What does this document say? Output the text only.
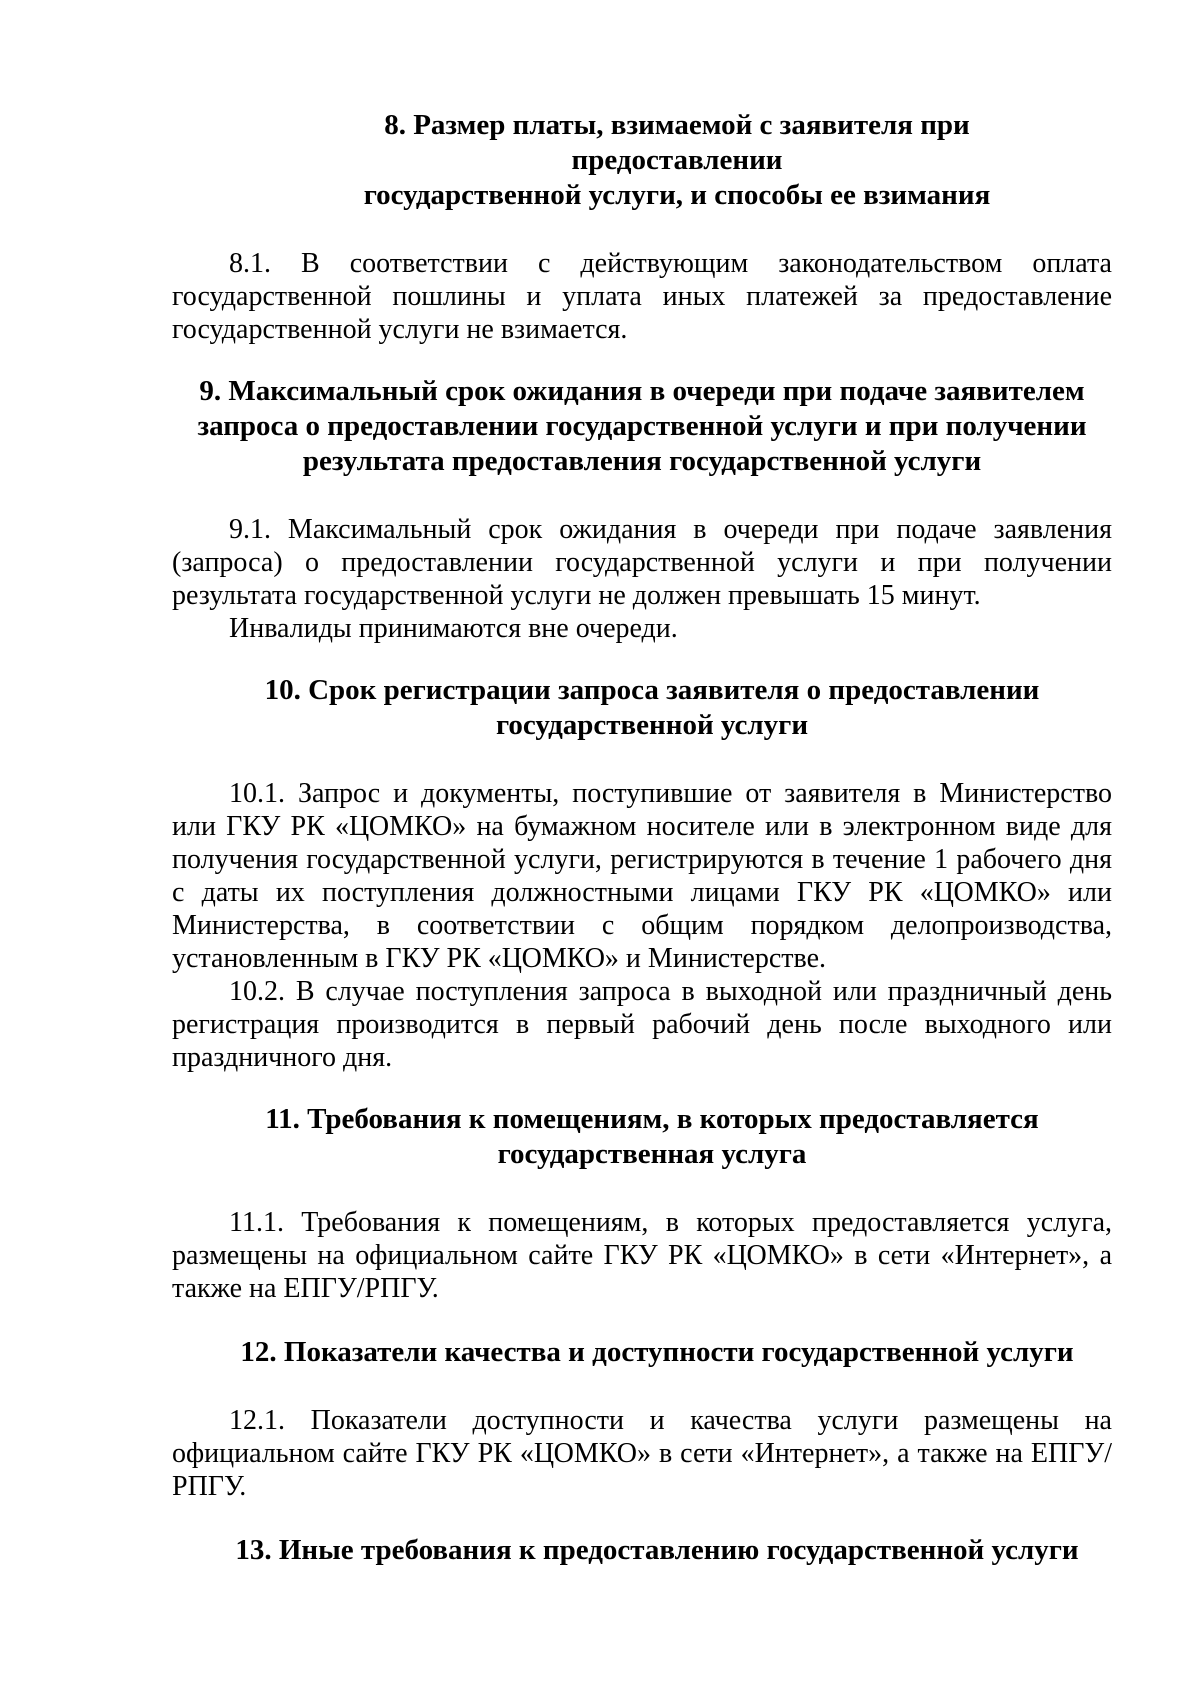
8. Размер платы, взимаемой с заявителя при предоставлении
государственной услуги, и способы ее взимания

8.1. В соответствии с действующим законодательством оплата государственной пошлины и уплата иных платежей за предоставление государственной услуги не взимается.

9. Максимальный срок ожидания в очереди при подаче заявителем
запроса о предоставлении государственной услуги и при получении
результата предоставления государственной услуги

9.1. Максимальный срок ожидания в очереди при подаче заявления (запроса) о предоставлении государственной услуги и при получении результата государственной услуги не должен превышать 15 минут.

Инвалиды принимаются вне очереди.

10. Срок регистрации запроса заявителя о предоставлении
государственной услуги

10.1. Запрос и документы, поступившие от заявителя в Министерство или ГКУ РК «ЦОМКО» на бумажном носителе или в электронном виде для получения государственной услуги, регистрируются в течение 1 рабочего дня с даты их поступления должностными лицами ГКУ РК «ЦОМКО» или Министерства, в соответствии с общим порядком делопроизводства, установленным в ГКУ РК «ЦОМКО» и Министерстве.

10.2. В случае поступления запроса в выходной или праздничный день регистрация производится в первый рабочий день после выходного или праздничного дня.

11. Требования к помещениям, в которых предоставляется
государственная услуга

11.1. Требования к помещениям, в которых предоставляется услуга, размещены на официальном сайте ГКУ РК «ЦОМКО» в сети «Интернет», а также на ЕПГУ/РПГУ.

12. Показатели качества и доступности государственной услуги

12.1. Показатели доступности и качества услуги размещены на официальном сайте ГКУ РК «ЦОМКО» в сети «Интернет», а также на ЕПГУ/РПГУ.

13. Иные требования к предоставлению государственной услуги
